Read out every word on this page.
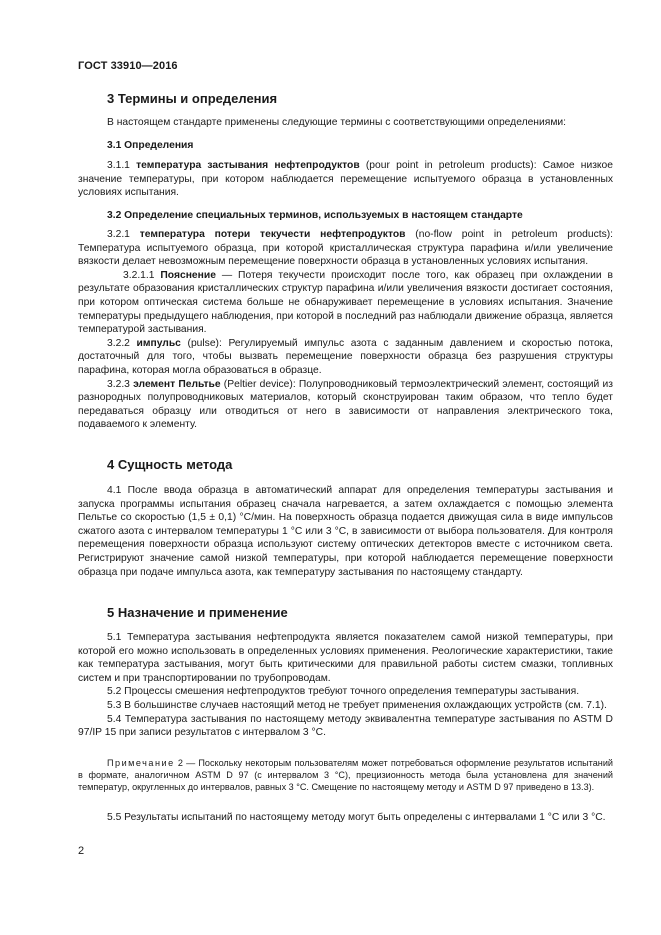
ГОСТ 33910—2016
3 Термины и определения

В настоящем стандарте применены следующие термины с соответствующими определениями:

3.1 Определения

3.1.1 температура застывания нефтепродуктов (pour point in petroleum products): Самое низкое значение температуры, при котором наблюдается перемещение испытуемого образца в установленных условиях испытания.

3.2 Определение специальных терминов, используемых в настоящем стандарте

3.2.1 температура потери текучести нефтепродуктов (no-flow point in petroleum products): Температура испытуемого образца, при которой кристаллическая структура парафина и/или увеличение вязкости делает невозможным перемещение поверхности образца в установленных условиях испытания.

3.2.1.1 Пояснение — Потеря текучести происходит после того, как образец при охлаждении в результате образования кристаллических структур парафина и/или увеличения вязкости достигает состояния, при котором оптическая система больше не обнаруживает перемещение в условиях испытания. Значение температуры предыдущего наблюдения, при которой в последний раз наблюдали движение образца, является температурой застывания.

3.2.2 импульс (pulse): Регулируемый импульс азота с заданным давлением и скоростью потока, достаточный для того, чтобы вызвать перемещение поверхности образца без разрушения структуры парафина, которая могла образоваться в образце.

3.2.3 элемент Пельтье (Peltier device): Полупроводниковый термоэлектрический элемент, состоящий из разнородных полупроводниковых материалов, который сконструирован таким образом, что тепло будет передаваться образцу или отводиться от него в зависимости от направления электрического тока, подаваемого к элементу.

4 Сущность метода

4.1 После ввода образца в автоматический аппарат для определения температуры застывания и запуска программы испытания образец сначала нагревается, а затем охлаждается с помощью элемента Пельтье со скоростью (1,5 ± 0,1) °С/мин. На поверхность образца подается движущая сила в виде импульсов сжатого азота с интервалом температуры 1 °С или 3 °С, в зависимости от выбора пользователя. Для контроля перемещения поверхности образца используют систему оптических детекторов вместе с источником света. Регистрируют значение самой низкой температуры, при которой наблюдается перемещение поверхности образца при подаче импульса азота, как температуру застывания по настоящему стандарту.

5 Назначение и применение

5.1 Температура застывания нефтепродукта является показателем самой низкой температуры, при которой его можно использовать в определенных условиях применения. Реологические характеристики, такие как температура застывания, могут быть критическими для правильной работы систем смазки, топливных систем и при транспортировании по трубопроводам.

5.2 Процессы смешения нефтепродуктов требуют точного определения температуры застывания.

5.3 В большинстве случаев настоящий метод не требует применения охлаждающих устройств (см. 7.1).

5.4 Температура застывания по настоящему методу эквивалентна температуре застывания по ASTM D 97/IP 15 при записи результатов с интервалом 3 °С.

Примечание 2 — Поскольку некоторым пользователям может потребоваться оформление результатов испытаний в формате, аналогичном ASTM D 97 (с интервалом 3 °С), прецизионность метода была установлена для значений температур, округленных до интервалов, равных 3 °С. Смещение по настоящему методу и ASTM D 97 приведено в 13.3).

5.5 Результаты испытаний по настоящему методу могут быть определены с интервалами 1 °С или 3 °С.

2
